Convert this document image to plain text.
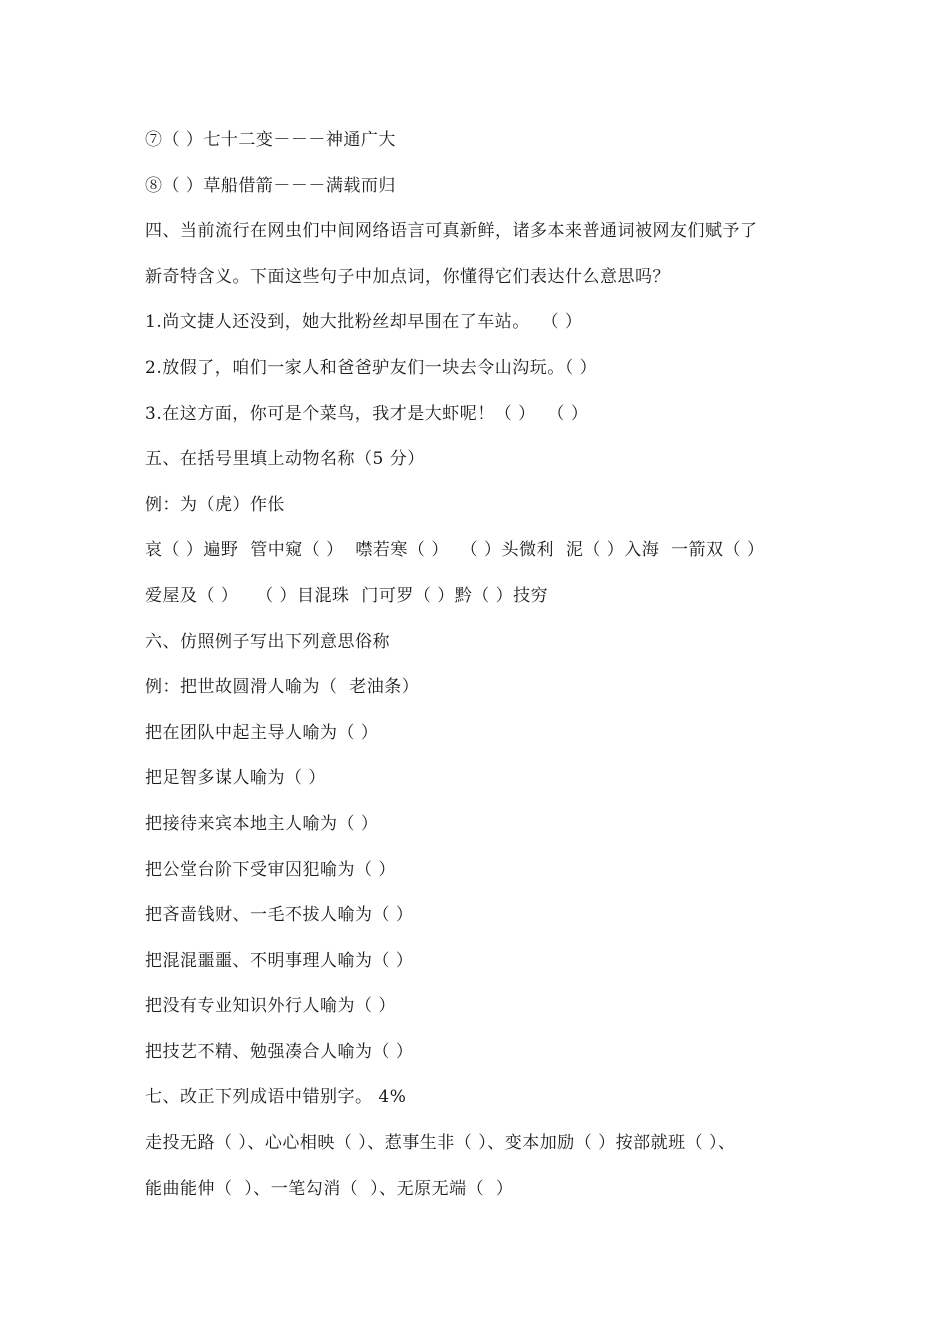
⑦（ ）七十二变－－－神通广大
⑧（ ）草船借箭－－－满载而归
四、当前流行在网虫们中间网络语言可真新鲜，诸多本来普通词被网友们赋予了
新奇特含义。下面这些句子中加点词，你懂得它们表达什么意思吗？
1.尚文捷人还没到，她大批粉丝却早围在了车站。  （ ）
2.放假了，咱们一家人和爸爸驴友们一块去令山沟玩。（ ）
3.在这方面，你可是个菜鸟，我才是大虾呢！（ ）  （ ）
五、在括号里填上动物名称（5 分）
例：为（虎）作伥
哀（ ）遍野  管中窥（ ）  噤若寒（ ）  （ ）头微利  泥（ ）入海  一箭双（ ）
爱屋及（ ）   （ ）目混珠  门可罗（ ）黔（ ）技穷
六、仿照例子写出下列意思俗称
例：把世故圆滑人喻为（  老油条）
把在团队中起主导人喻为（ ）
把足智多谋人喻为（ ）
把接待来宾本地主人喻为（ ）
把公堂台阶下受审囚犯喻为（ ）
把吝啬钱财、一毛不拔人喻为（ ）
把混混噩噩、不明事理人喻为（ ）
把没有专业知识外行人喻为（ ）
把技艺不精、勉强凑合人喻为（ ）
七、改正下列成语中错别字。 4%
走投无路（ ）、心心相映（ ）、惹事生非（ ）、变本加励（ ）按部就班（ ）、
能曲能伸（  ）、一笔勾消（  ）、无原无端（  ）
